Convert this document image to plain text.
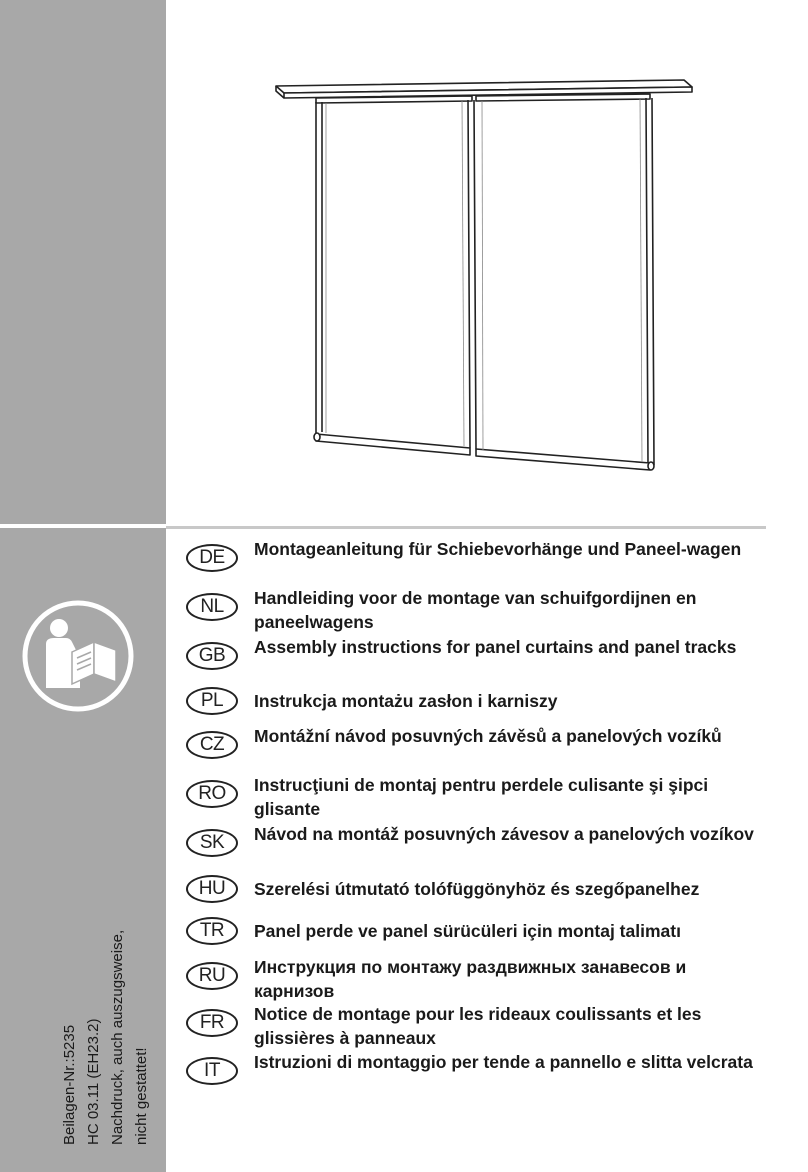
Beilagen-Nr.:5235 HC 03.11 (EH23.2) Nachdruck, auch auszugsweise, nicht gestattet!
DE	Montageanleitung für Schiebevorhänge und Paneel-wagen
NL	Handleiding voor de montage van schuifgordijnen en paneelwagens
GB	Assembly instructions for panel curtains and panel tracks
PL	Instrukcja montażu zasłon i karniszy
CZ	Montážní návod posuvných závěsů a panelových vozíků
RO	Instrucţiuni de montaj pentru perdele culisante şi şipci glisante
SK	Návod na montáž posuvných závesov a panelových vozíkov
HU	Szerelési útmutató tolófüggönyhöz és szegőpanelhez
TR	Panel perde ve panel sürücüleri için montaj talimatı
RU	Инструкция по монтажу раздвижных занавесов и карнизов
FR	Notice de montage pour les rideaux coulissants et les glissières à panneaux
IT	Istruzioni di montaggio per tende a pannello e slitta velcrata
